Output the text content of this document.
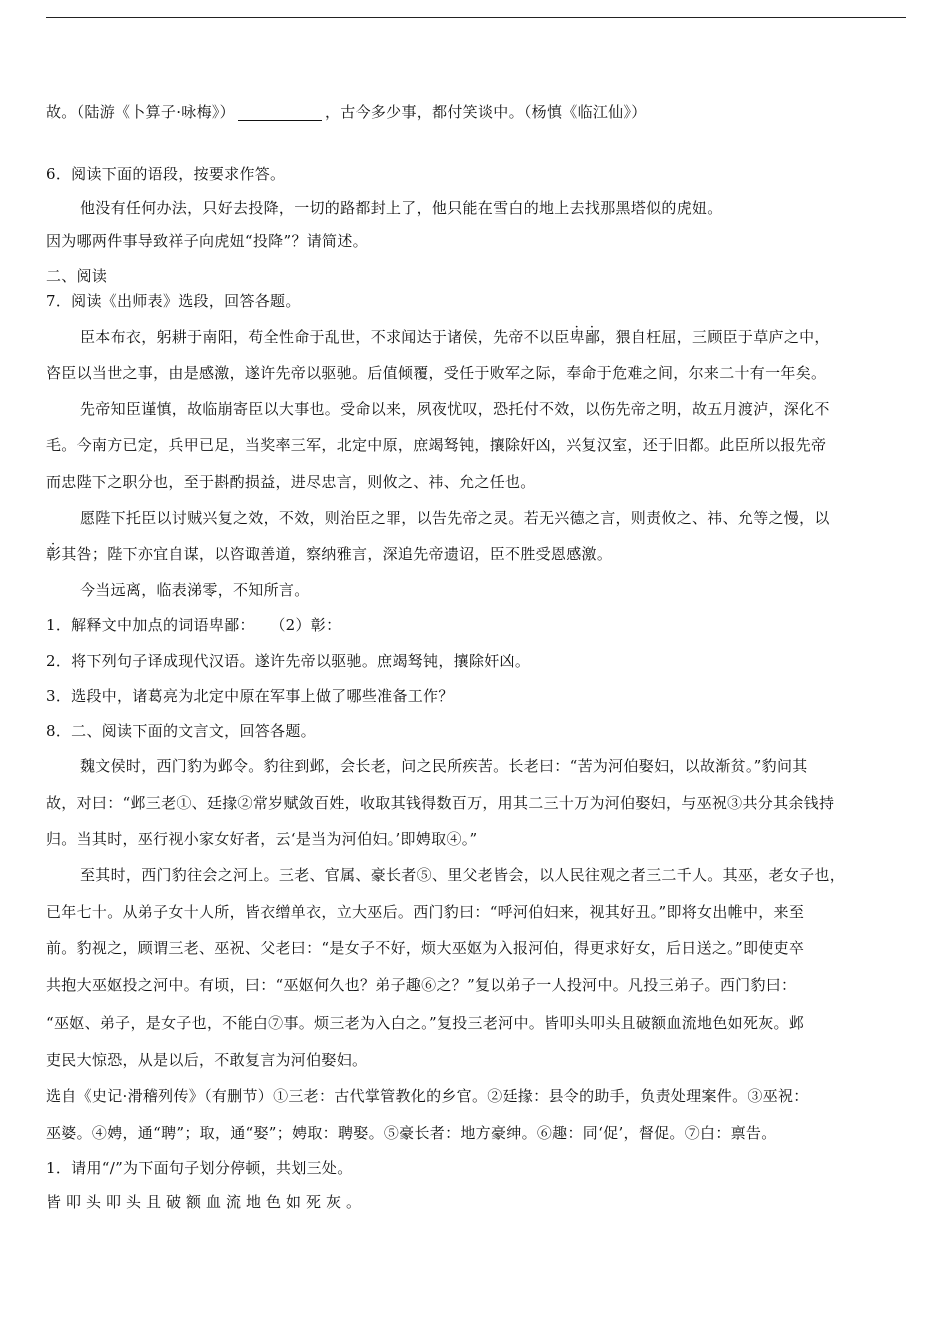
故。（陆游《卜算子·咏梅》）	，古今多少事，都付笑谈中。（杨慎《临江仙》）
6．阅读下面的语段，按要求作答。
他没有任何办法，只好去投降，一切的路都封上了，他只能在雪白的地上去找那黑塔似的虎妞。
因为哪两件事导致祥子向虎妞“投降”？请简述。
二、阅读
7．阅读《出师表》选段，回答各题。
臣本布衣，躬耕于南阳，苟全性命于乱世，不求闻达于诸侯，先帝不以臣卑鄙，猥自枉屈，三顾臣于草庐之中，
咨臣以当世之事，由是感激，遂许先帝以驱驰。后值倾覆，受任于败军之际，奉命于危难之间，尔来二十有一年矣。
先帝知臣谨慎，故临崩寄臣以大事也。受命以来，夙夜忧叹，恐托付不效，以伤先帝之明，故五月渡泸，深化不
毛。今南方已定，兵甲已足，当奖率三军，北定中原，庶竭驽钝，攘除奸凶，兴复汉室，还于旧都。此臣所以报先帝
而忠陛下之职分也，至于斟酌损益，进尽忠言，则攸之、祎、允之任也。
愿陛下托臣以讨贼兴复之效，不效，则治臣之罪，以告先帝之灵。若无兴德之言，则责攸之、祎、允等之慢，以
彰其咎；陛下亦宜自谋，以咨诹善道，察纳雅言，深追先帝遗诏，臣不胜受恩感激。
今当远离，临表涕零，不知所言。
1．解释文中加点的词语卑鄙：　　（2）彰：
2．将下列句子译成现代汉语。遂许先帝以驱驰。庶竭驽钝，攘除奸凶。
3．选段中，诸葛亮为北定中原在军事上做了哪些准备工作？
8．二、阅读下面的文言文，回答各题。
魏文侯时，西门豹为邺令。豹往到邺，会长老，问之民所疾苦。长老曰：“苦为河伯娶妇，以故渐贫。”豹问其
故，对曰：“邺三老①、廷掾②常岁赋敛百姓，收取其钱得数百万，用其二三十万为河伯娶妇，与巫祝③共分其余钱持
归。当其时，巫行视小家女好者，云‘是当为河伯妇。’即娉取④。”
至其时，西门豹往会之河上。三老、官属、豪长者⑤、里父老皆会，以人民往观之者三二千人。其巫，老女子也，
已年七十。从弟子女十人所，皆衣缯单衣，立大巫后。西门豹曰：“呼河伯妇来，视其好丑。”即将女出帷中，来至
前。豹视之，顾谓三老、巫祝、父老曰：“是女子不好，烦大巫妪为入报河伯，得更求好女，后日送之。”即使吏卒
共抱大巫妪投之河中。有顷，曰：“巫妪何久也？弟子趣⑥之？”复以弟子一人投河中。凡投三弟子。西门豹曰：
“巫妪、弟子，是女子也，不能白⑦事。烦三老为入白之。”复投三老河中。皆叩头叩头且破额血流地色如死灰。邺
吏民大惊恐，从是以后，不敢复言为河伯娶妇。
选自《史记·滑稽列传》（有删节）①三老：古代掌管教化的乡官。②廷掾：县令的助手，负责处理案件。③巫祝：
巫婆。④娉，通“聘”；取，通“娶”；娉取：聘娶。⑤豪长者：地方豪绅。⑥趣：同‘促’，督促。⑦白：禀告。
1．请用“/”为下面句子划分停顿，共划三处。
皆叩头叩头且破额血流地色如死灰。
